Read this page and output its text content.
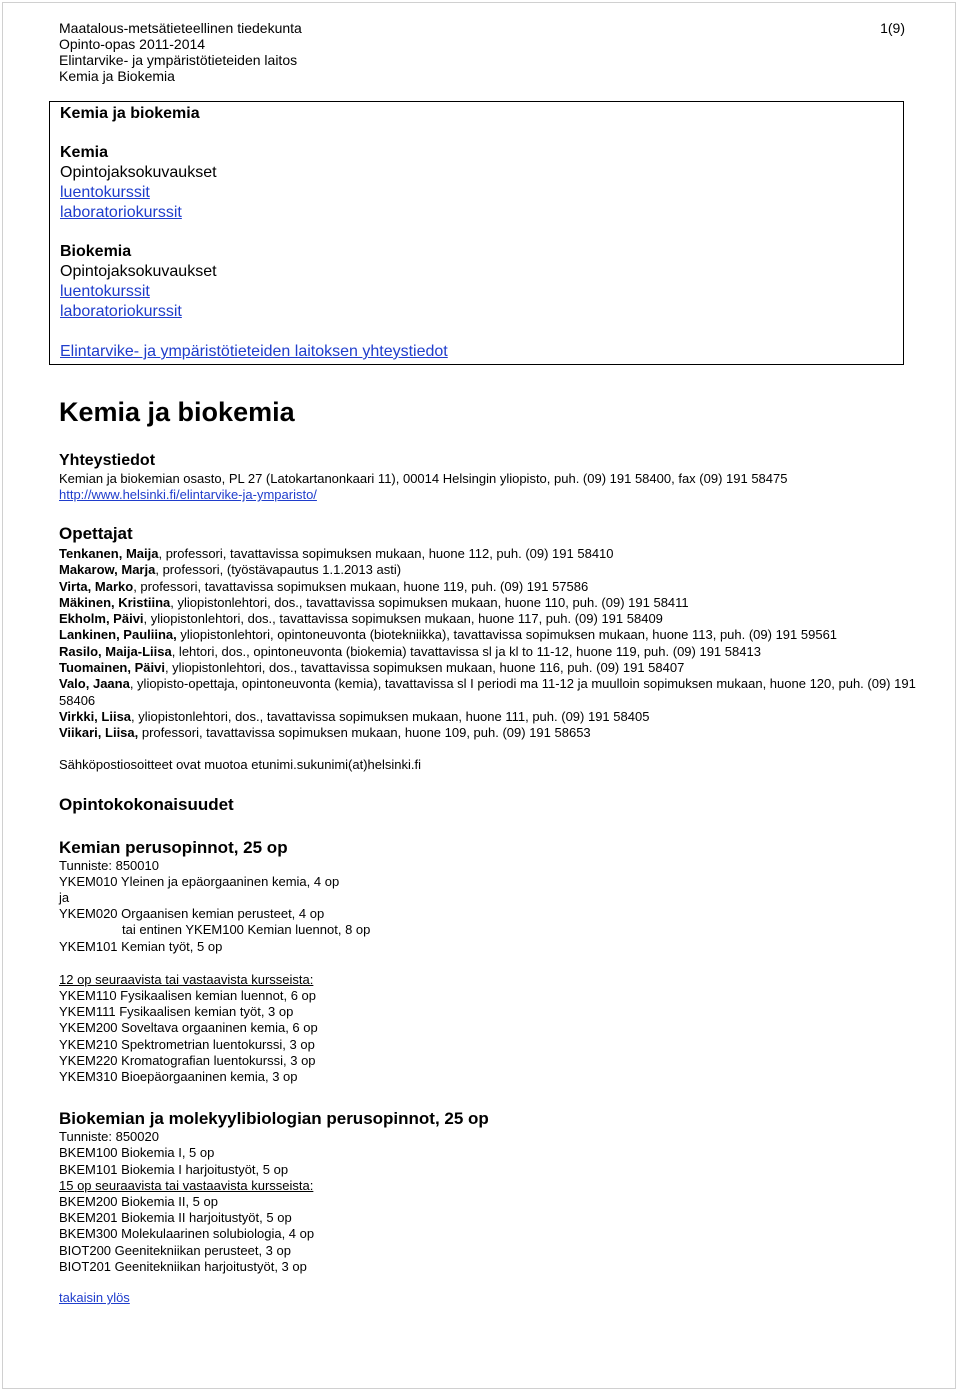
Maatalous-metsätieteellinen tiedekunta
Opinto-opas 2011-2014
Elintarvike- ja ympäristötieteiden laitos
Kemia ja Biokemia
1(9)
Kemia ja biokemia
Kemia
Opintojaksokuvaukset
luentokurssit
laboratoriokurssit
Biokemia
Opintojaksokuvaukset
luentokurssit
laboratoriokurssit
Elintarvike- ja ympäristötieteiden laitoksen yhteystiedot
Kemia ja biokemia
Yhteystiedot
Kemian ja biokemian osasto, PL 27 (Latokartanonkaari 11), 00014 Helsingin yliopisto, puh. (09) 191 58400, fax (09) 191 58475
http://www.helsinki.fi/elintarvike-ja-ymparisto/
Opettajat
Tenkanen, Maija, professori, tavattavissa sopimuksen mukaan, huone 112, puh. (09) 191 58410
Makarow, Marja, professori, (työstävapautus 1.1.2013 asti)
Virta, Marko, professori, tavattavissa sopimuksen mukaan, huone 119, puh. (09) 191 57586
Mäkinen, Kristiina, yliopistonlehtori, dos., tavattavissa sopimuksen mukaan, huone 110, puh. (09) 191 58411
Ekholm, Päivi, yliopistonlehtori, dos., tavattavissa sopimuksen mukaan, huone 117, puh. (09) 191 58409
Lankinen, Pauliina, yliopistonlehtori, opintoneuvonta (biotekniikka), tavattavissa sopimuksen mukaan, huone 113, puh. (09) 191 59561
Rasilo, Maija-Liisa, lehtori, dos., opintoneuvonta (biokemia) tavattavissa sl ja kl to 11-12, huone 119, puh. (09) 191 58413
Tuomainen, Päivi, yliopistonlehtori, dos., tavattavissa sopimuksen mukaan, huone 116, puh. (09) 191 58407
Valo, Jaana, yliopisto-opettaja, opintoneuvonta (kemia), tavattavissa sl I periodi ma 11-12 ja muulloin sopimuksen mukaan, huone 120, puh. (09) 191 58406
Virkki, Liisa, yliopistonlehtori, dos., tavattavissa sopimuksen mukaan, huone 111, puh. (09) 191 58405
Viikari, Liisa, professori, tavattavissa sopimuksen mukaan, huone 109, puh. (09) 191 58653
Sähköpostiosoitteet ovat muotoa etunimi.sukunimi(at)helsinki.fi
Opintokokonaisuudet
Kemian perusopinnot, 25 op
Tunniste: 850010
YKEM010 Yleinen ja epäorgaaninen kemia, 4 op
ja
YKEM020 Orgaanisen kemian perusteet, 4 op
tai entinen YKEM100 Kemian luennot, 8 op
YKEM101 Kemian työt, 5 op
12 op seuraavista tai vastaavista kursseista:
YKEM110 Fysikaalisen kemian luennot, 6 op
YKEM111 Fysikaalisen kemian työt, 3 op
YKEM200 Soveltava orgaaninen kemia, 6 op
YKEM210 Spektrometrian luentokurssi, 3 op
YKEM220 Kromatografian luentokurssi, 3 op
YKEM310 Bioepäorgaaninen kemia, 3 op
Biokemian ja molekyylibiologian perusopinnot, 25 op
Tunniste: 850020
BKEM100 Biokemia I, 5 op
BKEM101 Biokemia I harjoitustyöt, 5 op
15 op seuraavista tai vastaavista kursseista:
BKEM200 Biokemia II, 5 op
BKEM201 Biokemia II harjoitustyöt, 5 op
BKEM300 Molekulaarinen solubiologia, 4 op
BIOT200 Geenitekniikan perusteet, 3 op
BIOT201 Geenitekniikan harjoitustyöt, 3 op
takaisin ylös
